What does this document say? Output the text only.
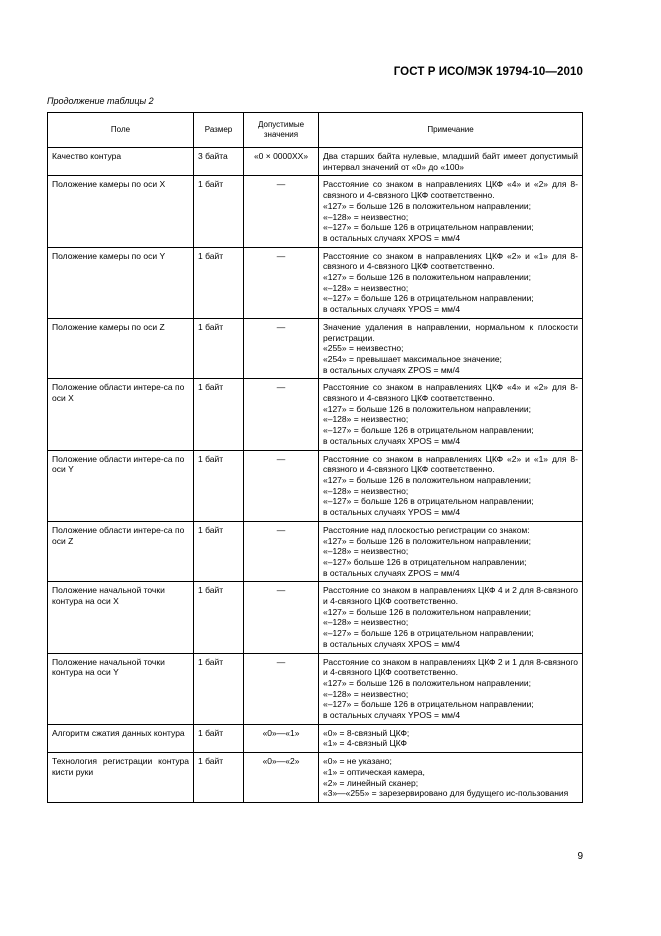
ГОСТ Р ИСО/МЭК 19794-10—2010
Продолжение таблицы 2
Поле	Размер	Допустимые значения	Примечание

Качество контура	3 байта	«0 × 0000XX»	Два старших байта нулевые, младший байт имеет допустимый интервал значений от «0» до «100»

Положение камеры по оси X	1 байт	—	Расстояние со знаком в направлениях ЦКФ «4» и «2» для 8-связного и 4-связного ЦКФ соответственно.
«127» = больше 126 в положительном направлении;
«–128» = неизвестно;
«–127» = больше 126 в отрицательном направлении;
в остальных случаях XPOS = мм/4

Положение камеры по оси Y	1 байт	—	Расстояние со знаком в направлениях ЦКФ «2» и «1» для 8-связного и 4-связного ЦКФ соответственно.
«127» = больше 126 в положительном направлении;
«–128» = неизвестно;
«–127» = больше 126 в отрицательном направлении;
в остальных случаях YPOS = мм/4

Положение камеры по оси Z	1 байт	—	Значение удаления в направлении, нормальном к плоскости регистрации.
«255» = неизвестно;
«254» = превышает максимальное значение;
в остальных случаях ZPOS = мм/4

Положение области интере-са по оси X	1 байт	—	Расстояние со знаком в направлениях ЦКФ «4» и «2» для 8-связного и 4-связного ЦКФ соответственно.
«127» = больше 126 в положительном направлении;
«–128» = неизвестно;
«–127» = больше 126 в отрицательном направлении;
в остальных случаях XPOS = мм/4

Положение области интере-са по оси Y	1 байт	—	Расстояние со знаком в направлениях ЦКФ «2» и «1» для 8-связного и 4-связного ЦКФ соответственно.
«127» = больше 126 в положительном направлении;
«–128» = неизвестно;
«–127» = больше 126 в отрицательном направлении;
в остальных случаях YPOS = мм/4

Положение области интере-са по оси Z	1 байт	—	Расстояние над плоскостью регистрации со знаком:
«127» = больше 126 в положительном направлении;
«–128» = неизвестно;
«–127» больше 126 в отрицательном направлении;
в остальных случаях ZPOS = мм/4

Положение начальной точки контура на оси X	1 байт	—	Расстояние со знаком в направлениях ЦКФ 4 и 2 для 8-связного и 4-связного ЦКФ соответственно.
«127» = больше 126 в положительном направлении;
«–128» = неизвестно;
«–127» = больше 126 в отрицательном направлении;
в остальных случаях XPOS = мм/4

Положение начальной точки контура на оси Y	1 байт	—	Расстояние со знаком в направлениях ЦКФ 2 и 1 для 8-связного и 4-связного ЦКФ соответственно.
«127» = больше 126 в положительном направлении;
«–128» = неизвестно;
«–127» = больше 126 в отрицательном направлении;
в остальных случаях YPOS = мм/4

Алгоритм сжатия данных контура	1 байт	«0»—«1»	«0» = 8-связный ЦКФ;
«1» = 4-связный ЦКФ

Технология регистрации контура кисти руки	1 байт	«0»—«2»	«0» = не указано;
«1» = оптическая камера,
«2» = линейный сканер;
«3»—«255» = зарезервировано для будущего ис-пользования
9
